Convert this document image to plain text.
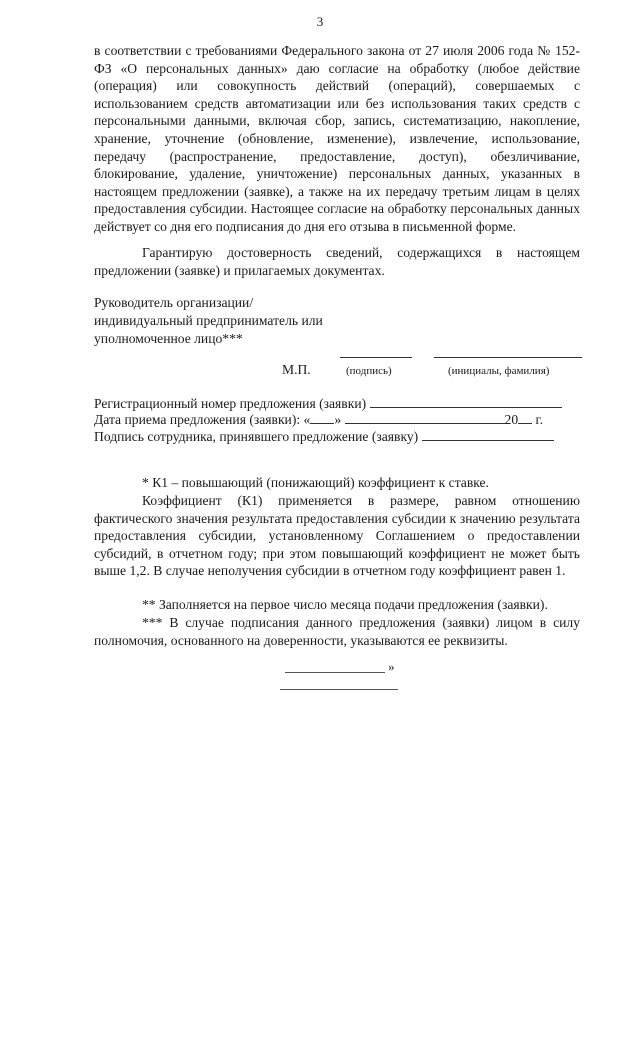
3
в соответствии с требованиями Федерального закона от 27 июля 2006 года № 152-ФЗ «О персональных данных» даю согласие на обработку (любое действие (операция) или совокупность действий (операций), совершаемых с использованием средств автоматизации или без использования таких средств с персональными данными, включая сбор, запись, систематизацию, накопление, хранение, уточнение (обновление, изменение), извлечение, использование, передачу (распространение, предоставление, доступ), обезличивание, блокирование, удаление, уничтожение) персональных данных, указанных в настоящем предложении (заявке), а также на их передачу третьим лицам в целях предоставления субсидии. Настоящее согласие на обработку персональных данных действует со дня его подписания до дня его отзыва в письменной форме.
Гарантирую достоверность сведений, содержащихся в настоящем предложении (заявке) и прилагаемых документах.
Руководитель организации/
индивидуальный предприниматель или
уполномоченное лицо***
М.П.	(подпись)	(инициалы, фамилия)
Регистрационный номер предложения (заявки)
Дата приема предложения (заявки): « »	20 г.
Подпись сотрудника, принявшего предложение (заявку)
* К1 – повышающий (понижающий) коэффициент к ставке.
Коэффициент (К1) применяется в размере, равном отношению фактического значения результата предоставления субсидии к значению результата предоставления субсидии, установленному Соглашением о предоставлении субсидий, в отчетном году; при этом повышающий коэффициент не может быть выше 1,2. В случае неполучения субсидии в отчетном году коэффициент равен 1.
** Заполняется на первое число месяца подачи предложения (заявки).
*** В случае подписания данного предложения (заявки) лицом в силу полномочия, основанного на доверенности, указываются ее реквизиты.
»
